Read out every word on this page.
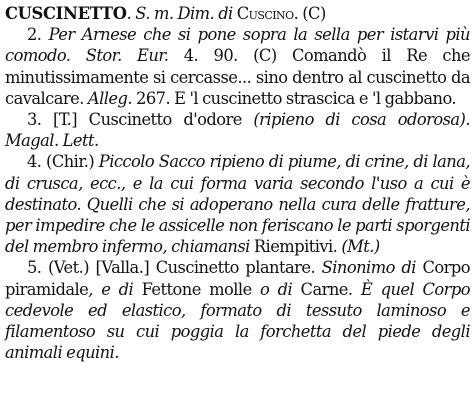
CUSCINETTO. S. m. Dim. di Cuscino. (C)

2. Per Arnese che si pone sopra la sella per istarvi più comodo. Stor. Eur. 4. 90. (C) Comandò il Re che minutissimamente si cercasse... sino dentro al cuscinetto da cavalcare. Alleg. 267. E 'l cuscinetto strascica e 'l gabbano.

3. [T.] Cuscinetto d'odore (ripieno di cosa odorosa). Magal. Lett.

4. (Chir.) Piccolo Sacco ripieno di piume, di crine, di lana, di crusca, ecc., e la cui forma varia secondo l'uso a cui è destinato. Quelli che si adoperano nella cura delle fratture, per impedire che le assicelle non feriscano le parti sporgenti del membro infermo, chiamansi Riempitivi. (Mt.)

5. (Vet.) [Valla.] Cuscinetto plantare. Sinonimo di Corpo piramidale, e di Fettone molle o di Carne. È quel Corpo cedevole ed elastico, formato di tessuto laminoso e filamentoso su cui poggia la forchetta del piede degli animali equini.
